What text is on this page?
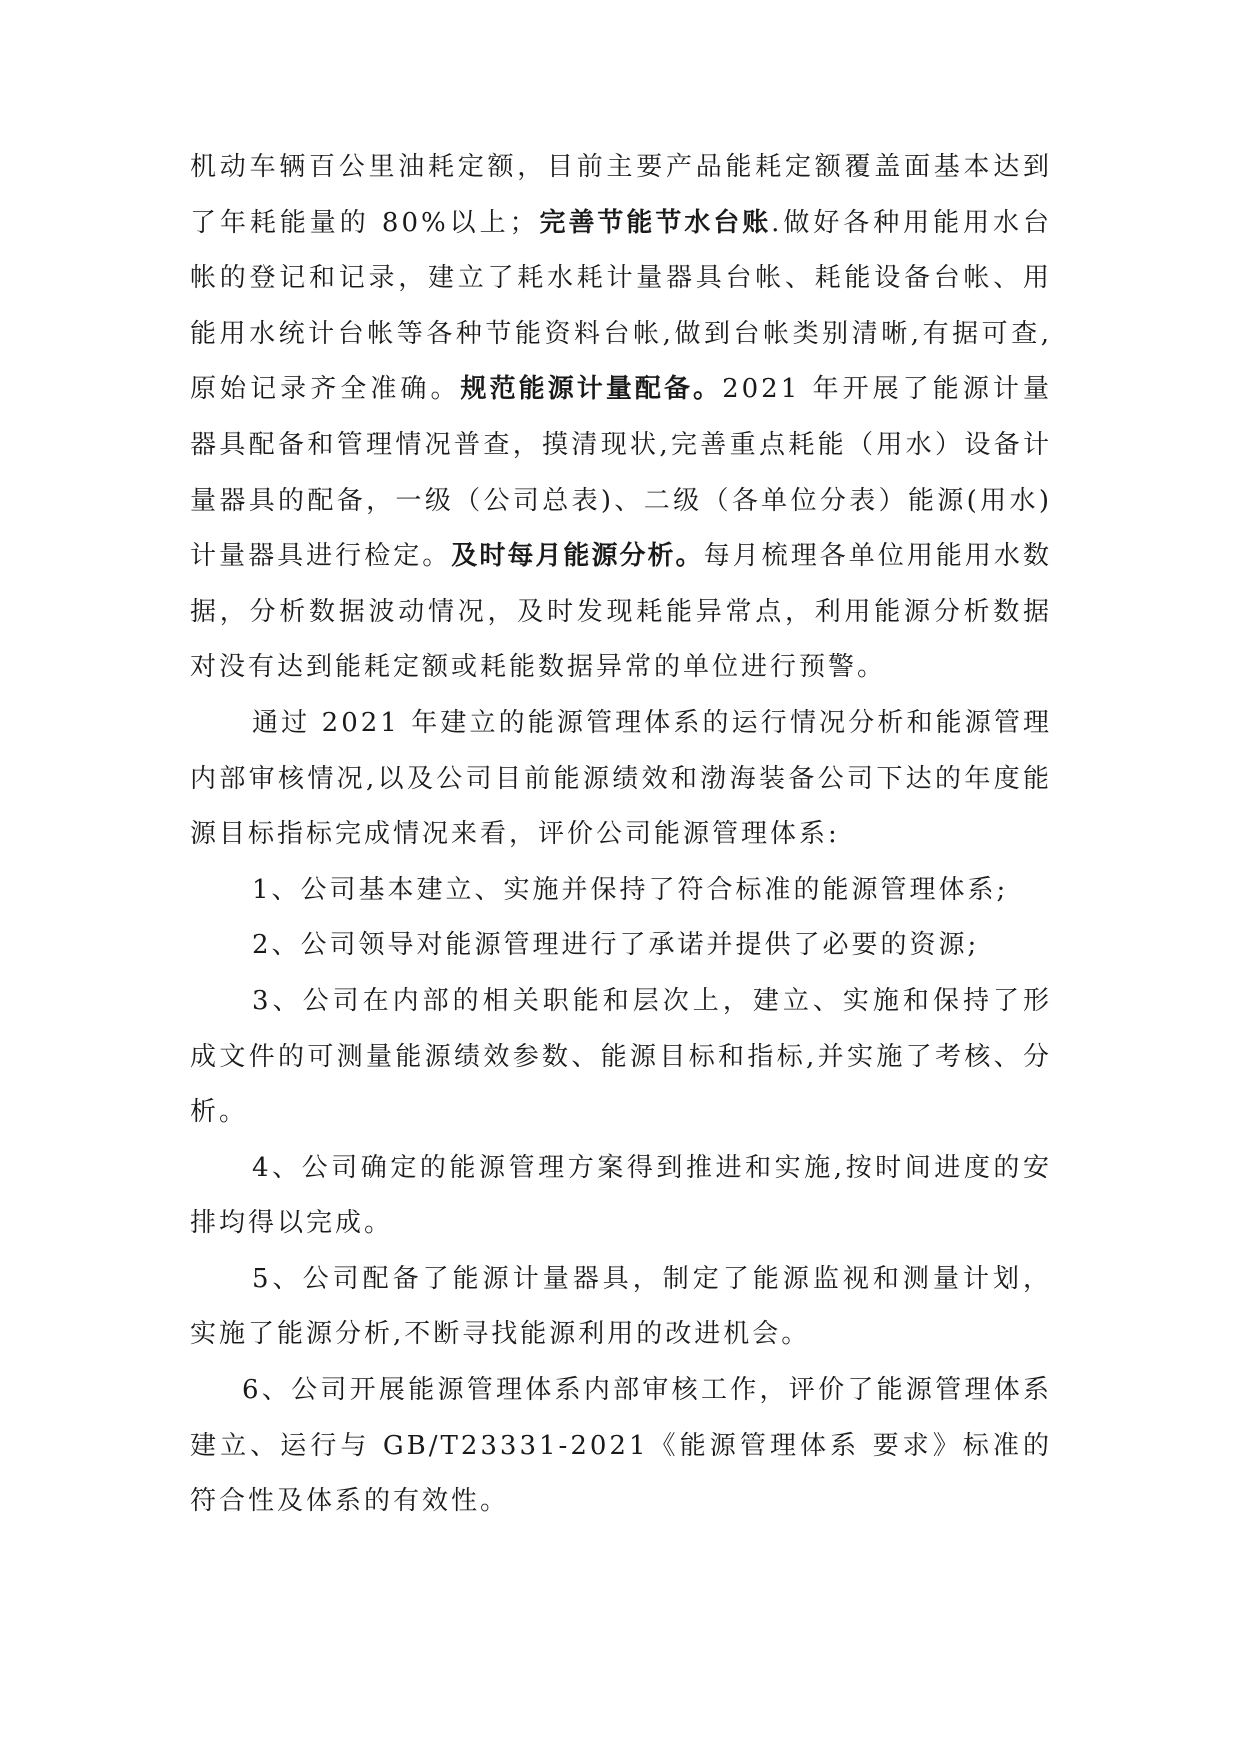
机动车辆百公里油耗定额，目前主要产品能耗定额覆盖面基本达到了年耗能量的 80%以上；完善节能节水台账.做好各种用能用水台帐的登记和记录，建立了耗水耗计量器具台帐、耗能设备台帐、用能用水统计台帐等各种节能资料台帐,做到台帐类别清晰,有据可查,原始记录齐全准确。规范能源计量配备。2021 年开展了能源计量器具配备和管理情况普查，摸清现状,完善重点耗能（用水）设备计量器具的配备，一级（公司总表)、二级（各单位分表）能源(用水)计量器具进行检定。及时每月能源分析。每月梳理各单位用能用水数据，分析数据波动情况，及时发现耗能异常点，利用能源分析数据对没有达到能耗定额或耗能数据异常的单位进行预警。

通过 2021 年建立的能源管理体系的运行情况分析和能源管理内部审核情况,以及公司目前能源绩效和渤海装备公司下达的年度能源目标指标完成情况来看，评价公司能源管理体系:

1、公司基本建立、实施并保持了符合标准的能源管理体系;

2、公司领导对能源管理进行了承诺并提供了必要的资源;

3、公司在内部的相关职能和层次上，建立、实施和保持了形成文件的可测量能源绩效参数、能源目标和指标,并实施了考核、分析。

4、公司确定的能源管理方案得到推进和实施,按时间进度的安排均得以完成。

5、公司配备了能源计量器具，制定了能源监视和测量计划，实施了能源分析,不断寻找能源利用的改进机会。

6、公司开展能源管理体系内部审核工作，评价了能源管理体系建立、运行与 GB/T23331-2021《能源管理体系 要求》标准的符合性及体系的有效性。
